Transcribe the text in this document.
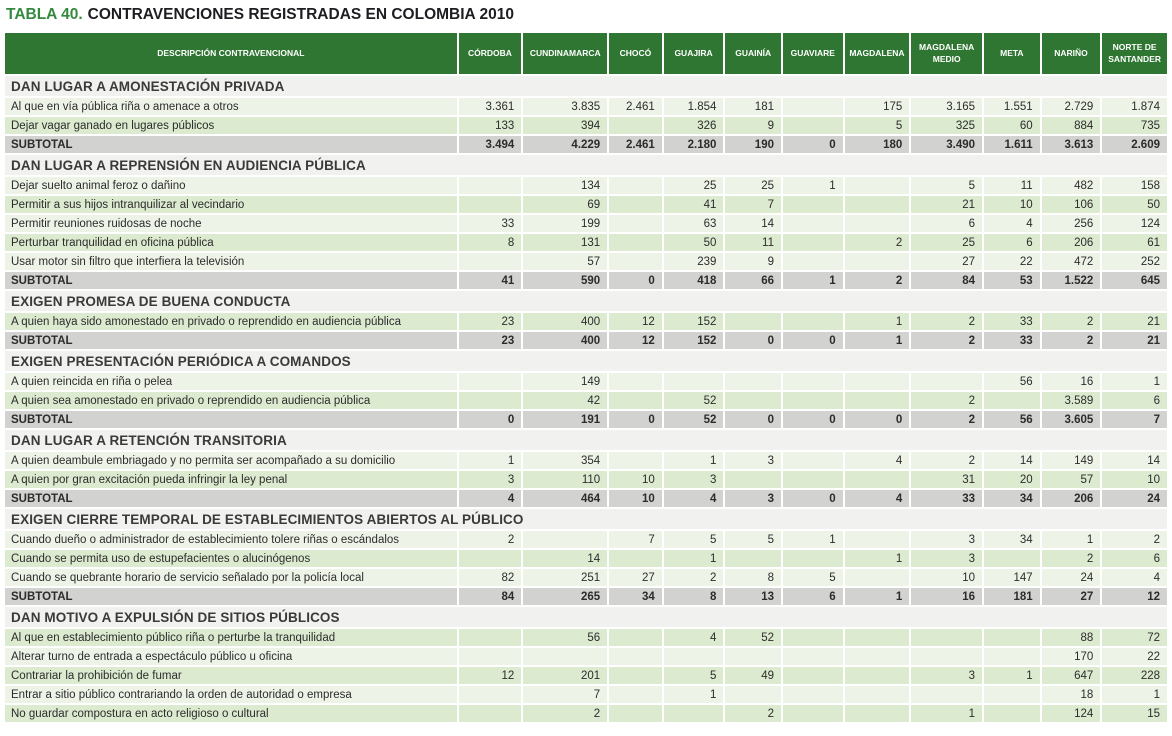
TABLA 40. CONTRAVENCIONES REGISTRADAS EN COLOMBIA 2010
DESCRIPCIÓN CONTRAVENCIONAL	CÓRDOBA	CUNDINAMARCA	CHOCÓ	GUAJIRA	GUAINÍA	GUAVIARE	MAGDALENA	MAGDALENA MEDIO	META	NARIÑO	NORTE DE SANTANDER
DAN LUGAR A AMONESTACIÓN PRIVADA											
Al que en vía pública riña o amenace a otros	3.361	3.835	2.461	1.854	181		175	3.165	1.551	2.729	1.874
Dejar vagar ganado en lugares públicos	133	394		326	9		5	325	60	884	735
SUBTOTAL	3.494	4.229	2.461	2.180	190	0	180	3.490	1.611	3.613	2.609
DAN LUGAR A REPRENSIÓN EN AUDIENCIA PÚBLICA											
Dejar suelto animal feroz o dañino		134		25	25	1		5	11	482	158
Permitir a sus hijos intranquilizar al vecindario		69		41	7			21	10	106	50
Permitir reuniones ruidosas de noche	33	199		63	14			6	4	256	124
Perturbar tranquilidad en oficina pública	8	131		50	11		2	25	6	206	61
Usar motor sin filtro que interfiera la televisión		57		239	9			27	22	472	252
SUBTOTAL	41	590	0	418	66	1	2	84	53	1.522	645
EXIGEN PROMESA DE BUENA CONDUCTA											
A quien haya sido amonestado en privado o reprendido en audiencia pública	23	400	12	152			1	2	33	2	21
SUBTOTAL	23	400	12	152	0	0	1	2	33	2	21
EXIGEN PRESENTACIÓN PERIÓDICA A COMANDOS											
A quien reincida en riña o pelea		149							56	16	1
A quien sea amonestado en privado o reprendido en audiencia pública		42		52				2		3.589	6
SUBTOTAL	0	191	0	52	0	0	0	2	56	3.605	7
DAN LUGAR A RETENCIÓN TRANSITORIA											
A quien deambule embriagado y no permita ser acompañado a su domicilio	1	354		1	3		4	2	14	149	14
A quien por gran excitación pueda infringir la ley penal	3	110	10	3				31	20	57	10
SUBTOTAL	4	464	10	4	3	0	4	33	34	206	24
EXIGEN CIERRE TEMPORAL DE ESTABLECIMIENTOS ABIERTOS AL PÚBLICO											
Cuando dueño o administrador de establecimiento tolere riñas o escándalos	2		7	5	5	1		3	34	1	2
Cuando se permita uso de estupefacientes o alucinógenos		14		1			1	3		2	6
Cuando se quebrante horario de servicio señalado por la policía local	82	251	27	2	8	5		10	147	24	4
SUBTOTAL	84	265	34	8	13	6	1	16	181	27	12
DAN MOTIVO A EXPULSIÓN DE SITIOS PÚBLICOS											
Al que en establecimiento público riña o perturbe la tranquilidad		56		4	52					88	72
Alterar turno de entrada a espectáculo público u oficina										170	22
Contrariar la prohibición de fumar	12	201		5	49			3	1	647	228
Entrar a sitio público contrariando la orden de autoridad o empresa		7		1						18	1
No guardar compostura en acto religioso o cultural		2			2			1		124	15
